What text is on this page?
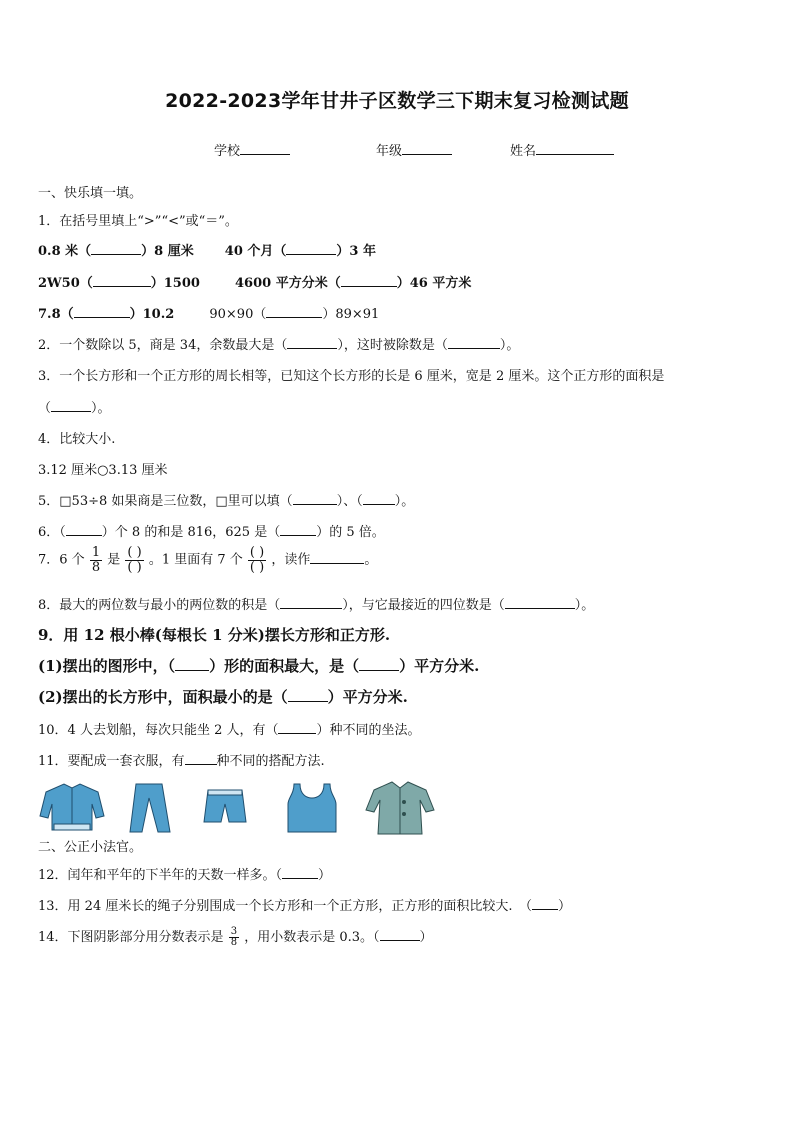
2022-2023学年甘井子区数学三下期末复习检测试题
学校	年级	姓名
一、快乐填一填。
1．在括号里填上“>”“<”或“＝”。
0.8 米（	）8 厘米 40 个月（	）3 年
2W50（	）1500	4600 平方分米（	）46 平方米
7.8（	）10.2	90×90（	）89×91
2．一个数除以 5，商是 34，余数最大是（	），这时被除数是（	）。
3．一个长方形和一个正方形的周长相等，已知这个长方形的长是 6 厘米，宽是 2 厘米。这个正方形的面积是
（	）。
4．比较大小.
3.12 厘米○3.13 厘米
5．□53÷8 如果商是三位数，□里可以填（	）、（ ）。
6．（	）个 8 的和是 816，625 是（	）的 5 倍。
7．6 个 $\frac{1}{8}$ 是 $\frac{( )}{( )}$ 。1 里面有 7 个 $\frac{( )}{( )}$ ，读作	。
8．最大的两位数与最小的两位数的积是（	），与它最接近的四位数是（	）。
9．用 12 根小棒(每根长 1 分米)摆长方形和正方形.
(1)摆出的图形中，（ ）形的面积最大，是（	）平方分米.
(2)摆出的长方形中，面积最小的是（	）平方分米.
10．4 人去划船，每次只能坐 2 人，有（	）种不同的坐法。
11．要配成一套衣服，有 种不同的搭配方法.
二、公正小法官。
12．闰年和平年的下半年的天数一样多。（	）
13．用 24 厘米长的绳子分别围成一个长方形和一个正方形，正方形的面积比较大.　（ ）
14．下图阴影部分用分数表示是 $\frac{3}{8}$ ，用小数表示是 0.3。（	）
